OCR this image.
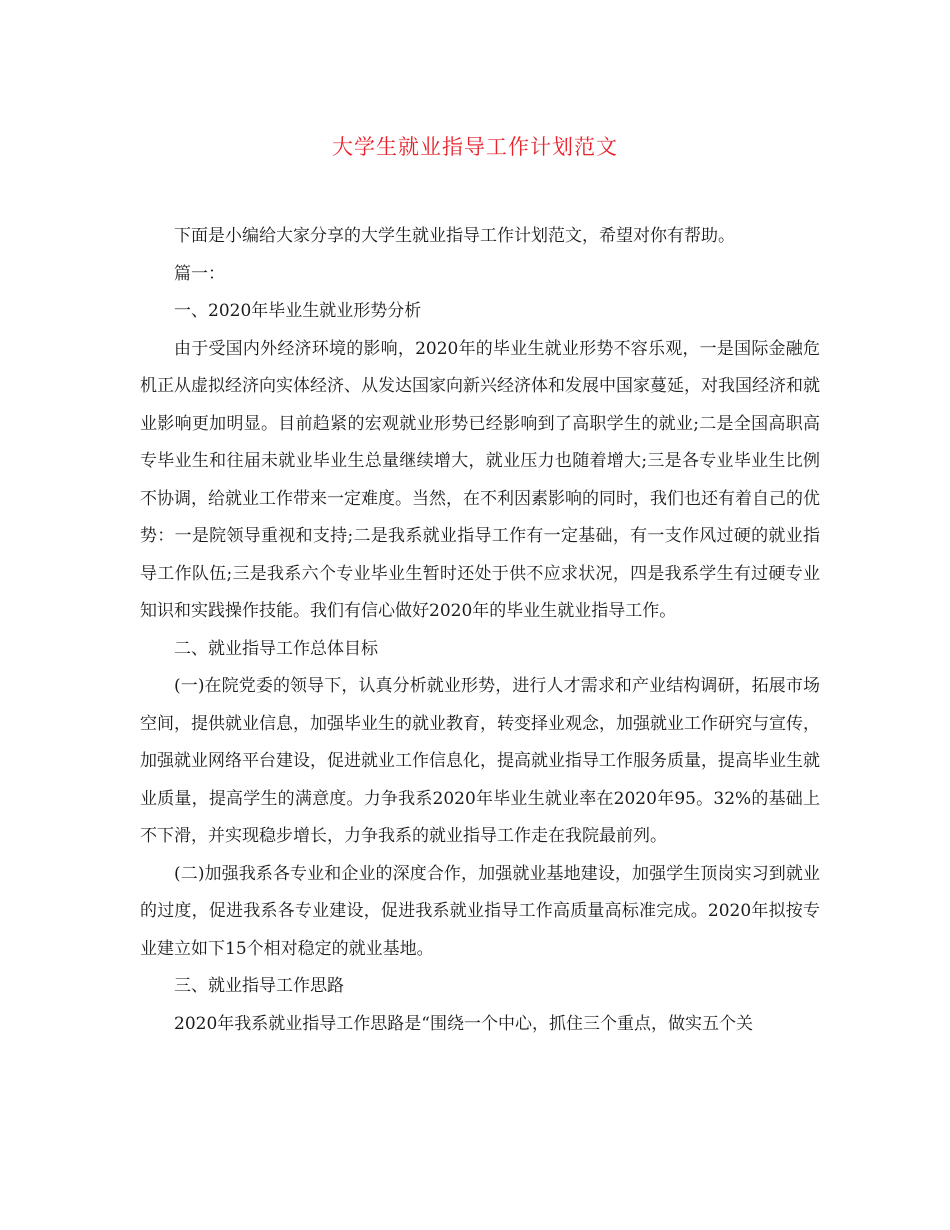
大学生就业指导工作计划范文

下面是小编给大家分享的大学生就业指导工作计划范文，希望对你有帮助。

篇一：

一、2020年毕业生就业形势分析

由于受国内外经济环境的影响，2020年的毕业生就业形势不容乐观，一是国际金融危机正从虚拟经济向实体经济、从发达国家向新兴经济体和发展中国家蔓延，对我国经济和就业影响更加明显。目前趋紧的宏观就业形势已经影响到了高职学生的就业;二是全国高职高专毕业生和往届未就业毕业生总量继续增大，就业压力也随着增大;三是各专业毕业生比例不协调，给就业工作带来一定难度。当然，在不利因素影响的同时，我们也还有着自己的优势：一是院领导重视和支持;二是我系就业指导工作有一定基础，有一支作风过硬的就业指导工作队伍;三是我系六个专业毕业生暂时还处于供不应求状况，四是我系学生有过硬专业知识和实践操作技能。我们有信心做好2020年的毕业生就业指导工作。

二、就业指导工作总体目标

(一)在院党委的领导下，认真分析就业形势，进行人才需求和产业结构调研，拓展市场空间，提供就业信息，加强毕业生的就业教育，转变择业观念，加强就业工作研究与宣传，加强就业网络平台建设，促进就业工作信息化，提高就业指导工作服务质量，提高毕业生就业质量，提高学生的满意度。力争我系2020年毕业生就业率在2020年95。32%的基础上不下滑，并实现稳步增长，力争我系的就业指导工作走在我院最前列。

(二)加强我系各专业和企业的深度合作，加强就业基地建设，加强学生顶岗实习到就业的过度，促进我系各专业建设，促进我系就业指导工作高质量高标准完成。2020年拟按专业建立如下15个相对稳定的就业基地。

三、就业指导工作思路

2020年我系就业指导工作思路是“围绕一个中心，抓住三个重点，做实五个关
